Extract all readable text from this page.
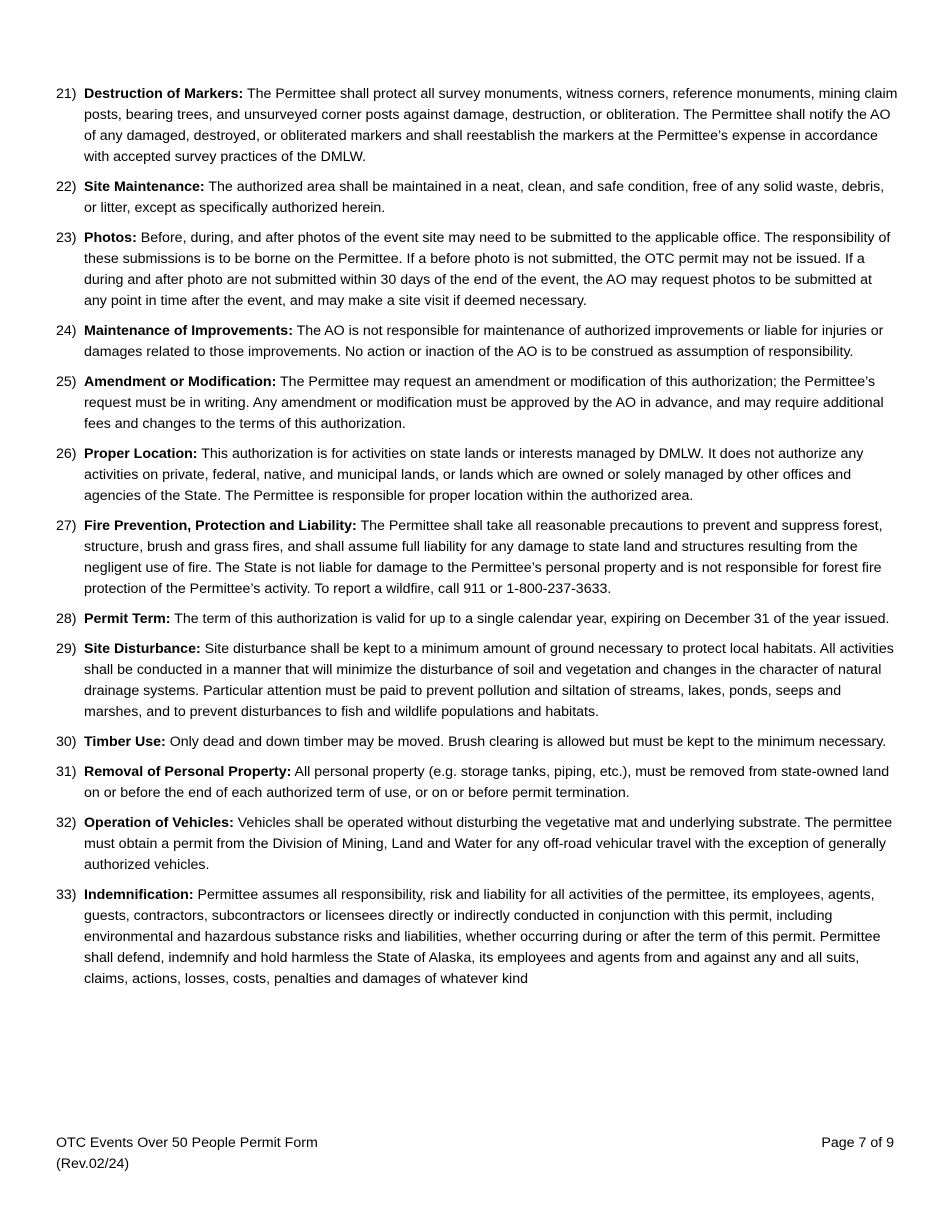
21) Destruction of Markers: The Permittee shall protect all survey monuments, witness corners, reference monuments, mining claim posts, bearing trees, and unsurveyed corner posts against damage, destruction, or obliteration. The Permittee shall notify the AO of any damaged, destroyed, or obliterated markers and shall reestablish the markers at the Permittee’s expense in accordance with accepted survey practices of the DMLW.
22) Site Maintenance: The authorized area shall be maintained in a neat, clean, and safe condition, free of any solid waste, debris, or litter, except as specifically authorized herein.
23) Photos: Before, during, and after photos of the event site may need to be submitted to the applicable office. The responsibility of these submissions is to be borne on the Permittee. If a before photo is not submitted, the OTC permit may not be issued. If a during and after photo are not submitted within 30 days of the end of the event, the AO may request photos to be submitted at any point in time after the event, and may make a site visit if deemed necessary.
24) Maintenance of Improvements: The AO is not responsible for maintenance of authorized improvements or liable for injuries or damages related to those improvements. No action or inaction of the AO is to be construed as assumption of responsibility.
25) Amendment or Modification: The Permittee may request an amendment or modification of this authorization; the Permittee’s request must be in writing. Any amendment or modification must be approved by the AO in advance, and may require additional fees and changes to the terms of this authorization.
26) Proper Location: This authorization is for activities on state lands or interests managed by DMLW. It does not authorize any activities on private, federal, native, and municipal lands, or lands which are owned or solely managed by other offices and agencies of the State. The Permittee is responsible for proper location within the authorized area.
27) Fire Prevention, Protection and Liability: The Permittee shall take all reasonable precautions to prevent and suppress forest, structure, brush and grass fires, and shall assume full liability for any damage to state land and structures resulting from the negligent use of fire. The State is not liable for damage to the Permittee’s personal property and is not responsible for forest fire protection of the Permittee’s activity. To report a wildfire, call 911 or 1-800-237-3633.
28) Permit Term: The term of this authorization is valid for up to a single calendar year, expiring on December 31 of the year issued.
29) Site Disturbance: Site disturbance shall be kept to a minimum amount of ground necessary to protect local habitats. All activities shall be conducted in a manner that will minimize the disturbance of soil and vegetation and changes in the character of natural drainage systems. Particular attention must be paid to prevent pollution and siltation of streams, lakes, ponds, seeps and marshes, and to prevent disturbances to fish and wildlife populations and habitats.
30) Timber Use: Only dead and down timber may be moved. Brush clearing is allowed but must be kept to the minimum necessary.
31) Removal of Personal Property: All personal property (e.g. storage tanks, piping, etc.), must be removed from state-owned land on or before the end of each authorized term of use, or on or before permit termination.
32) Operation of Vehicles: Vehicles shall be operated without disturbing the vegetative mat and underlying substrate. The permittee must obtain a permit from the Division of Mining, Land and Water for any off-road vehicular travel with the exception of generally authorized vehicles.
33) Indemnification: Permittee assumes all responsibility, risk and liability for all activities of the permittee, its employees, agents, guests, contractors, subcontractors or licensees directly or indirectly conducted in conjunction with this permit, including environmental and hazardous substance risks and liabilities, whether occurring during or after the term of this permit. Permittee shall defend, indemnify and hold harmless the State of Alaska, its employees and agents from and against any and all suits, claims, actions, losses, costs, penalties and damages of whatever kind
OTC Events Over 50 People Permit Form
(Rev.02/24)
Page 7 of 9
